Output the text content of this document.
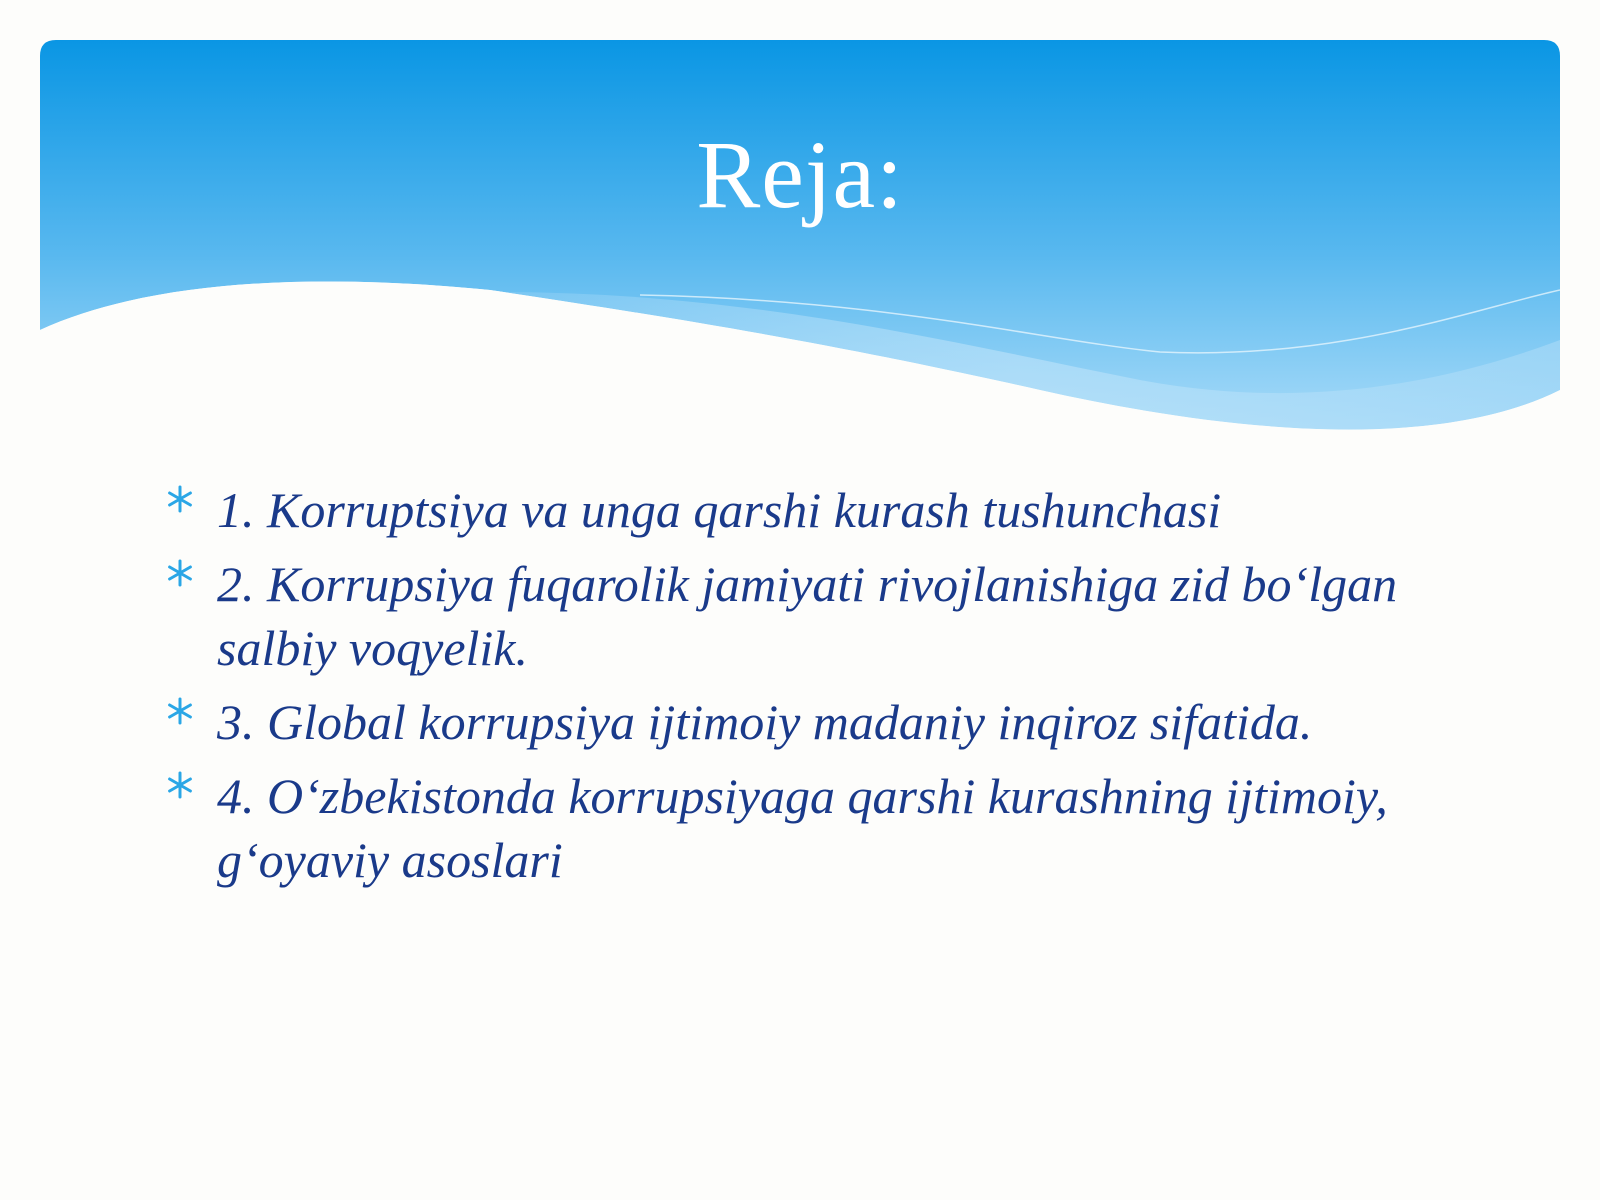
Reja:
1. Korruptsiya va unga qarshi kurash tushunchasi
2. Korrupsiya fuqarolik jamiyati rivojlanishiga zid bo‘lgan salbiy voqyelik.
3. Global korrupsiya ijtimoiy madaniy inqiroz sifatida.
4. O‘zbekistonda korrupsiyaga qarshi kurashning ijtimoiy, g‘oyaviy asoslari
